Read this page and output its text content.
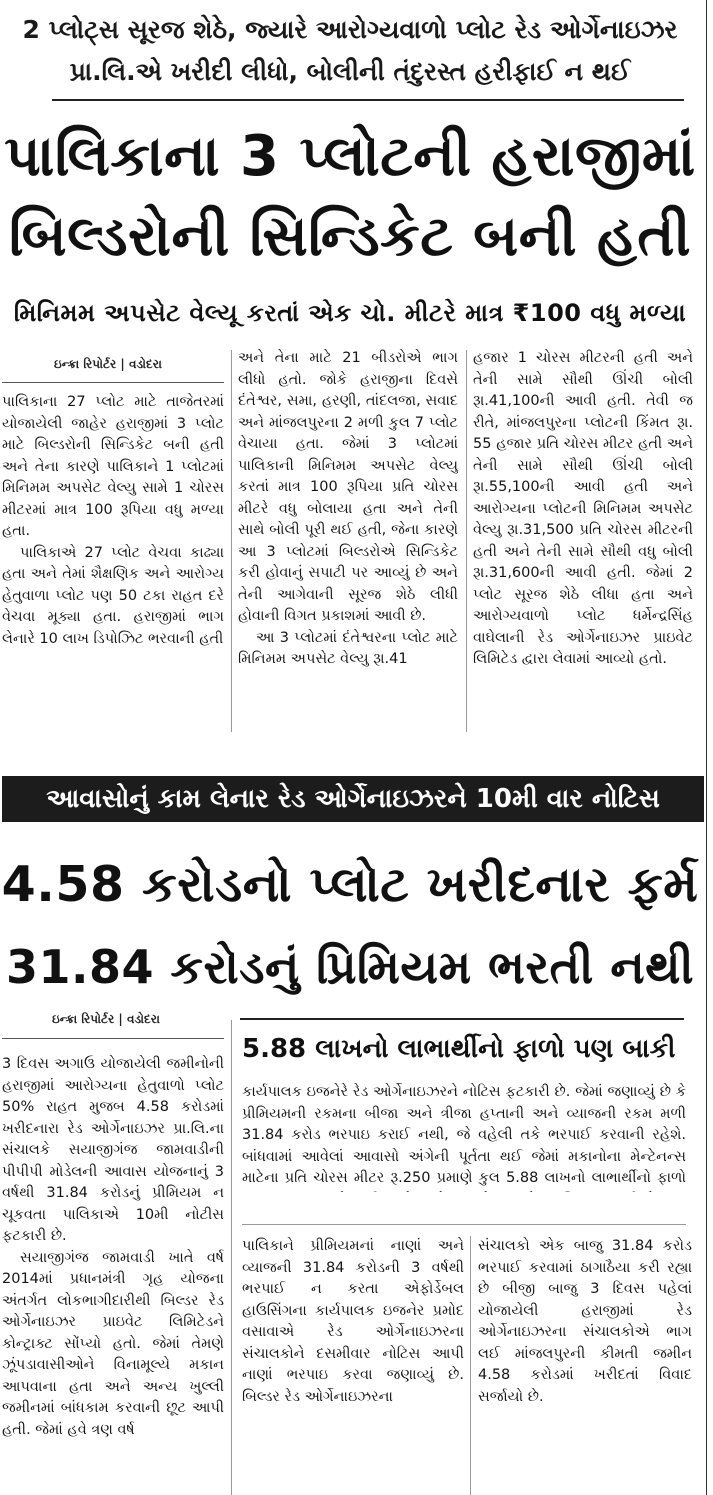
2 પ્લોટ્સ સૂરજ શેઠે, જ્યારે આરોગ્યવાળો પ્લોટ રેડ ઓર્ગેનાઇઝર
પ્રા.લિ.એ ખરીદી લીધો, બોલીની તંદુરસ્ત હરીફાઈ ન થઈ
પાલિકાના 3 પ્લોટની હરાજીમાં
બિલ્ડરોની સિન્ડિકેટ બની હતી
મિનિમમ અપસેટ વેલ્યૂ કરતાં એક ચો. મીટરે માત્ર ₹100 વધુ મળ્યા
ઇન્ક્રા રિપોર્ટર | વડોદરા

પાલિકાના 27 પ્લોટ માટે તાજેતરમાં યોજાયેલી જાહેર હરાજીમાં 3 પ્લોટ માટે બિલ્ડરોની સિન્ડિકેટ બની હતી અને તેના કારણે પાલિકાને 1 પ્લોટમાં મિનિમમ અપસેટ વેલ્યુ સામે 1 ચોરસ મીટરમાં માત્ર 100 રૂપિયા વધુ મળ્યા હતા.

પાલિકાએ 27 પ્લોટ વેચવા કાઢ્યા હતા અને તેમાં શૈક્ષણિક અને આરોગ્ય હેતુવાળા પ્લોટ પણ 50 ટકા રાહત દરે વેચવા મૂક્યા હતા. હરાજીમાં ભાગ લેનારે 10 લાખ ડિપોઝિટ ભરવાની હતી

અને તેના માટે 21 બીડરોએ ભાગ લીધો હતો. જોકે હરાજીના દિવસે દંતેશ્વર, સમા, હરણી, તાંદલજા, સવાદ અને માંજલપુરના 2 મળી કુલ 7 પ્લોટ વેચાયા હતા. જેમાં 3 પ્લોટમાં પાલિકાની મિનિમમ અપસેટ વેલ્યુ કરતાં માત્ર 100 રૂપિયા પ્રતિ ચોરસ મીટરે વધુ બોલાયા હતા અને તેની સાથે બોલી પૂરી થઈ હતી, જેના કારણે આ 3 પ્લોટમાં બિલ્ડરોએ સિન્ડિકેટ કરી હોવાનું સપાટી પર આવ્યું છે અને તેની આગેવાની સૂરજ શેઠે લીધી હોવાની વિગત પ્રકાશમાં આવી છે.

આ 3 પ્લોટમાં દંતેશ્વરના પ્લોટ માટે મિનિમમ અપસેટ વેલ્યુ રૂા.41

હજાર 1 ચોરસ મીટરની હતી અને તેની સામે સૌથી ઊંચી બોલી રૂા.41,100ની આવી હતી. તેવી જ રીતે, માંજલપુરના પ્લોટની કિંમત રૂા. 55 હજાર પ્રતિ ચોરસ મીટર હતી અને તેની સામે સૌથી ઊંચી બોલી રૂા.55,100ની આવી હતી અને આરોગ્યના પ્લોટની મિનિમમ અપસેટ વેલ્યુ રૂા.31,500 પ્રતિ ચોરસ મીટરની હતી અને તેની સામે સૌથી વધુ બોલી રૂા.31,600ની આવી હતી. જેમાં 2 પ્લોટ સૂરજ શેઠે લીધા હતા અને આરોગ્યવાળો પ્લોટ ધર્મેન્દ્રસિંહ વાઘેલાની રેડ ઓર્ગેનાઇઝર પ્રાઇવેટ લિમિટેડ દ્વારા લેવામાં આવ્યો હતો.

આવાસોનું કામ લેનાર રેડ ઓર્ગેનાઇઝરને 10મી વાર નોટિસ
4.58 કરોડનો પ્લોટ ખરીદનાર ફર્મ
31.84 કરોડનું પ્રિમિયમ ભરતી નથી
ઇન્ક્રા રિપોર્ટર | વડોદરા

3 દિવસ અગાઉ યોજાયેલી જમીનોની હરાજીમાં આરોગ્યના હેતુવાળો પ્લોટ 50% રાહત મુજબ 4.58 કરોડમાં ખરીદનારા રેડ ઓર્ગેનાઇઝર પ્રા.લિ.ના સંચાલકે સયાજીગંજ જામવાડીની પીપીપી મોડેલની આવાસ યોજનાનું 3 વર્ષથી 31.84 કરોડનું પ્રીમિયમ ન ચૂકવતા પાલિકાએ 10મી નોટીસ ફટકારી છે.

સયાજીગંજ જામવાડી ખાતે વર્ષ 2014માં પ્રધાનમંત્રી ગૃહ યોજના અંતર્ગત લોકભાગીદારીથી બિલ્ડર રેડ ઓર્ગેનાઇઝર પ્રાઇવેટ લિમિટેડને કોન્ટ્રાક્ટ સોંપ્યો હતો. જેમાં તેમણે ઝૂંપડાવાસીઓને વિનામૂલ્યે મકાન આપવાના હતા અને અન્ય ખુલ્લી જમીનમાં બાંધકામ કરવાની છૂટ આપી હતી. જેમાં હવે ત્રણ વર્ષ

5.88 લાખનો લાભાર્થીનો ફાળો પણ બાકી

કાર્યપાલક ઇજનેરે રેડ ઓર્ગેનાઇઝરને નોટિસ ફટકારી છે. જેમાં જણાવ્યું છે કે પ્રીમિયમની રકમના બીજા અને ત્રીજા હપ્તાની અને વ્યાજની રકમ મળી 31.84 કરોડ ભરપાઇ કરાઈ નથી, જે વહેલી તકે ભરપાઈ કરવાની રહેશે. બાંધવામાં આવેલાં આવાસો અંગેની પૂર્તતા થઈ જેમાં મકાનોના મેન્ટેનન્સ માટેના પ્રતિ ચોરસ મીટર રૂ.250 પ્રમાણે કુલ 5.88 લાખનો લાભાર્થીનો ફાળો

પાલિકાને પ્રીમિયમનાં નાણાં અને વ્યાજની 31.84 કરોડની 3 વર્ષથી ભરપાઈ ન કરતા એફોર્ડેબલ હાઉસિંગના કાર્યપાલક ઇજનેર પ્રમોદ વસાવાએ રેડ ઓર્ગેનાઇઝરના સંચાલકોને દસમીવાર નોટિસ આપી નાણાં ભરપાઇ કરવા જણાવ્યું છે. બિલ્ડર રેડ ઓર્ગેનાઇઝરના

સંચાલકો એક બાજુ 31.84 કરોડ ભરપાઈ કરવામાં ઠાગાઠૈયા કરી રહ્યા છે બીજી બાજુ 3 દિવસ પહેલાં યોજાયેલી હરાજીમાં રેડ ઓર્ગેનાઇઝરના સંચાલકોએ ભાગ લઈ માંજલપુરની કીમતી જમીન 4.58 કરોડમાં ખરીદતાં વિવાદ સર્જાયો છે.
